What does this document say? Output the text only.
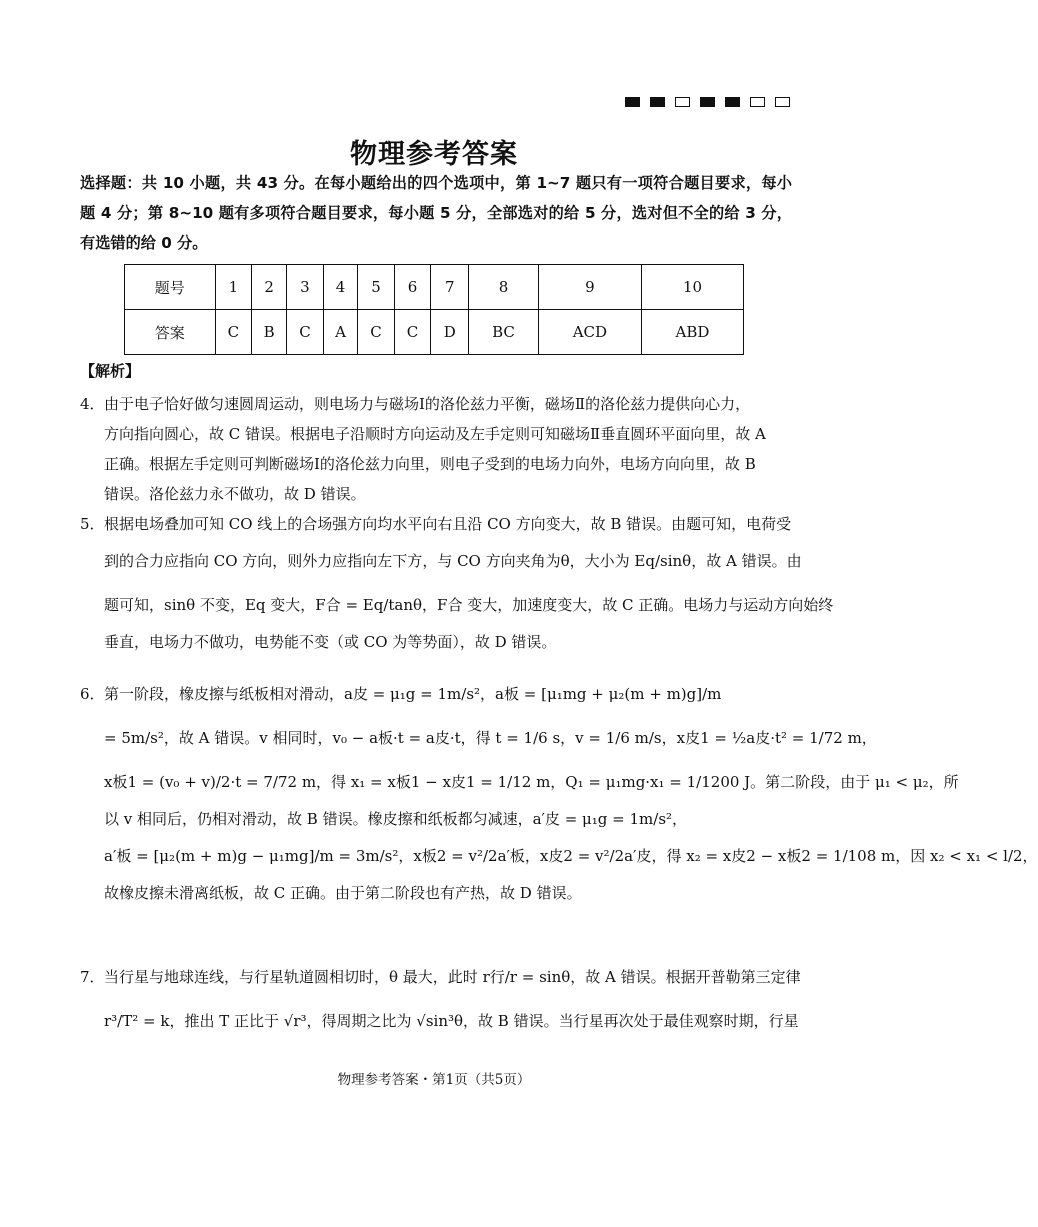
物理参考答案
选择题：共 10 小题，共 43 分。在每小题给出的四个选项中，第 1~7 题只有一项符合题目要求，每小题 4 分；第 8~10 题有多项符合题目要求，每小题 5 分，全部选对的给 5 分，选对但不全的给 3 分，有选错的给 0 分。
题号	1	2	3	4	5	6	7	8	9	10
答案	C	B	C	A	C	C	D	BC	ACD	ABD
【解析】
4．由于电子恰好做匀速圆周运动，则电场力与磁场Ⅰ的洛伦兹力平衡，磁场Ⅱ的洛伦兹力提供向心力，
方向指向圆心，故 C 错误。根据电子沿顺时方向运动及左手定则可知磁场Ⅱ垂直圆环平面向里，故 A
正确。根据左手定则可判断磁场Ⅰ的洛伦兹力向里，则电子受到的电场力向外，电场方向向里，故 B
错误。洛伦兹力永不做功，故 D 错误。
5．根据电场叠加可知 CO 线上的合场强方向均水平向右且沿 CO 方向变大，故 B 错误。由题可知，电荷受
到的合力应指向 CO 方向，则外力应指向左下方，与 CO 方向夹角为θ，大小为 Eq/sinθ，故 A 错误。由
题可知，sinθ 不变，Eq 变大，F合 = Eq/tanθ，F合 变大，加速度变大，故 C 正确。电场力与运动方向始终
垂直，电场力不做功，电势能不变（或 CO 为等势面），故 D 错误。
6．第一阶段，橡皮擦与纸板相对滑动，a皮 = μ₁g = 1m/s²，a板 = [μ₁mg + μ₂(m + m)g]/m
= 5m/s²，故 A 错误。v 相同时，v₀ − a板·t = a皮·t，得 t = 1/6 s，v = 1/6 m/s，x皮1 = ½a皮·t² = 1/72 m，
x板1 = (v₀ + v)/2·t = 7/72 m，得 x₁ = x板1 − x皮1 = 1/12 m，Q₁ = μ₁mg·x₁ = 1/1200 J。第二阶段，由于 μ₁ < μ₂，所
以 v 相同后，仍相对滑动，故 B 错误。橡皮擦和纸板都匀减速，a′皮 = μ₁g = 1m/s²，
a′板 = [μ₂(m + m)g − μ₁mg]/m = 3m/s²，x板2 = v²/2a′板，x皮2 = v²/2a′皮，得 x₂ = x皮2 − x板2 = 1/108 m，因 x₂ < x₁ < l/2，
故橡皮擦未滑离纸板，故 C 正确。由于第二阶段也有产热，故 D 错误。
7．当行星与地球连线，与行星轨道圆相切时，θ 最大，此时 r行/r = sinθ，故 A 错误。根据开普勒第三定律
r³/T² = k，推出 T 正比于 √r³，得周期之比为 √sin³θ，故 B 错误。当行星再次处于最佳观察时期，行星
物理参考答案・第1页（共5页）
